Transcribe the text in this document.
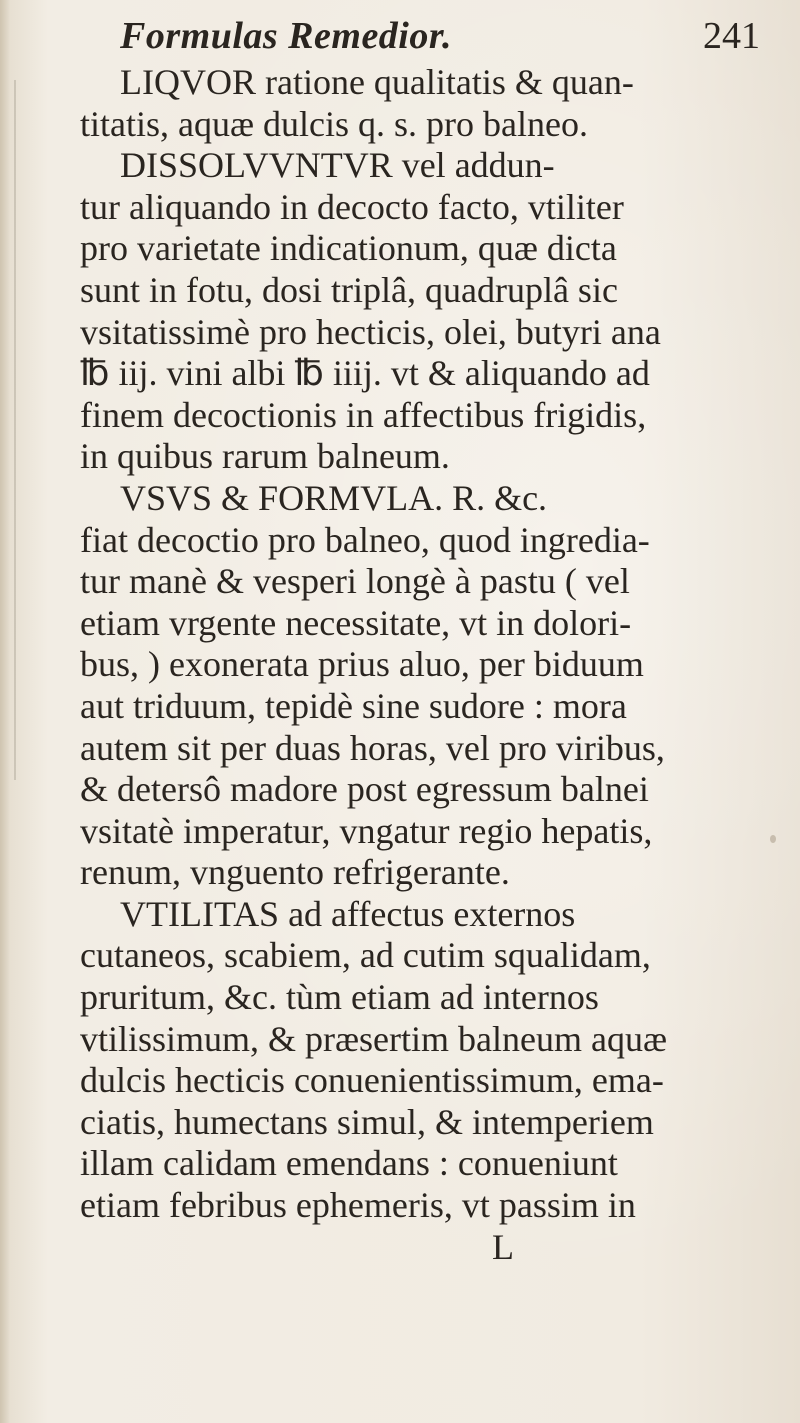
Formulas Remedior.	241
LIQVOR ratione qualitatis & quan-
titatis, aquæ dulcis q. s. pro balneo.
DISSOLVVNTVR vel addun-
tur aliquando in decocto facto, vtiliter
pro varietate indicationum, quæ dicta
sunt in fotu, dosi triplâ, quadruplâ sic
vsitatissimè pro hecticis, olei, butyri ana
℔ iij. vini albi ℔ iiij. vt & aliquando ad
finem decoctionis in affectibus frigidis,
in quibus rarum balneum.
VSVS & FORMVLA. R. &c.
fiat decoctio pro balneo, quod ingredia-
tur manè & vesperi longè à pastu ( vel
etiam vrgente necessitate, vt in dolori-
bus, ) exonerata prius aluo, per biduum
aut triduum, tepidè sine sudore : mora
autem sit per duas horas, vel pro viribus,
& detersô madore post egressum balnei
vsitatè imperatur, vngatur regio hepatis,
renum, vnguento refrigerante.
VTILITAS ad affectus externos
cutaneos, scabiem, ad cutim squalidam,
pruritum, &c. tùm etiam ad internos
vtilissimum, & præsertim balneum aquæ
dulcis hecticis conuenientissimum, ema-
ciatis, humectans simul, & intemperiem
illam calidam emendans : conueniunt
etiam febribus ephemeris, vt passim in
L
